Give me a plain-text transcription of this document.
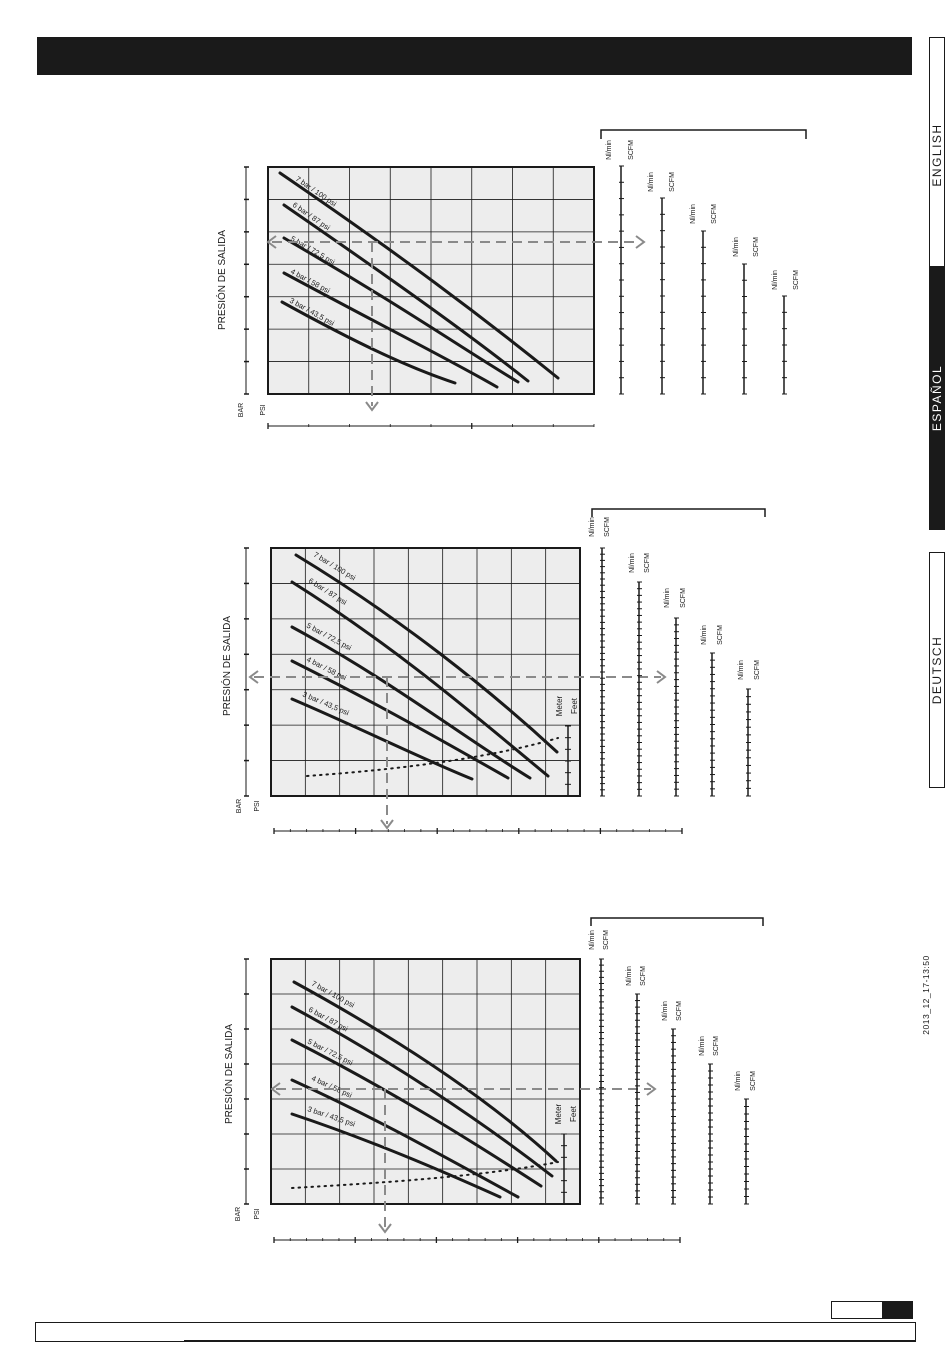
ENGLISH
ESPAÑOL
DEUTSCH
2013_12_17-13:50
PRESIÓN DE SALIDA
BAR PSI
7 bar / 100 psi
6 bar / 87 psi
5 bar / 72,5 psi
4 bar / 58 psi
3 bar / 43,5 psi
Nl/min SCFM
Nl/min SCFM
Nl/min SCFM
Nl/min SCFM
Nl/min SCFM
PRESIÓN DE SALIDA
BAR PSI
7 bar / 100 psi
6 bar / 87 psi
5 bar / 72,5 psi
4 bar / 58 psi
3 bar / 43,5 psi
Nl/min SCFM
Nl/min SCFM
Nl/min SCFM
Nl/min SCFM
Nl/min SCFM
Meter Feet
PRESIÓN DE SALIDA
BAR PSI
7 bar / 100 psi
6 bar / 87 psi
5 bar / 72,5 psi
4 bar / 58 psi
3 bar / 43,5 psi
Nl/min SCFM
Nl/min SCFM
Nl/min SCFM
Nl/min SCFM
Nl/min SCFM
Meter Feet
